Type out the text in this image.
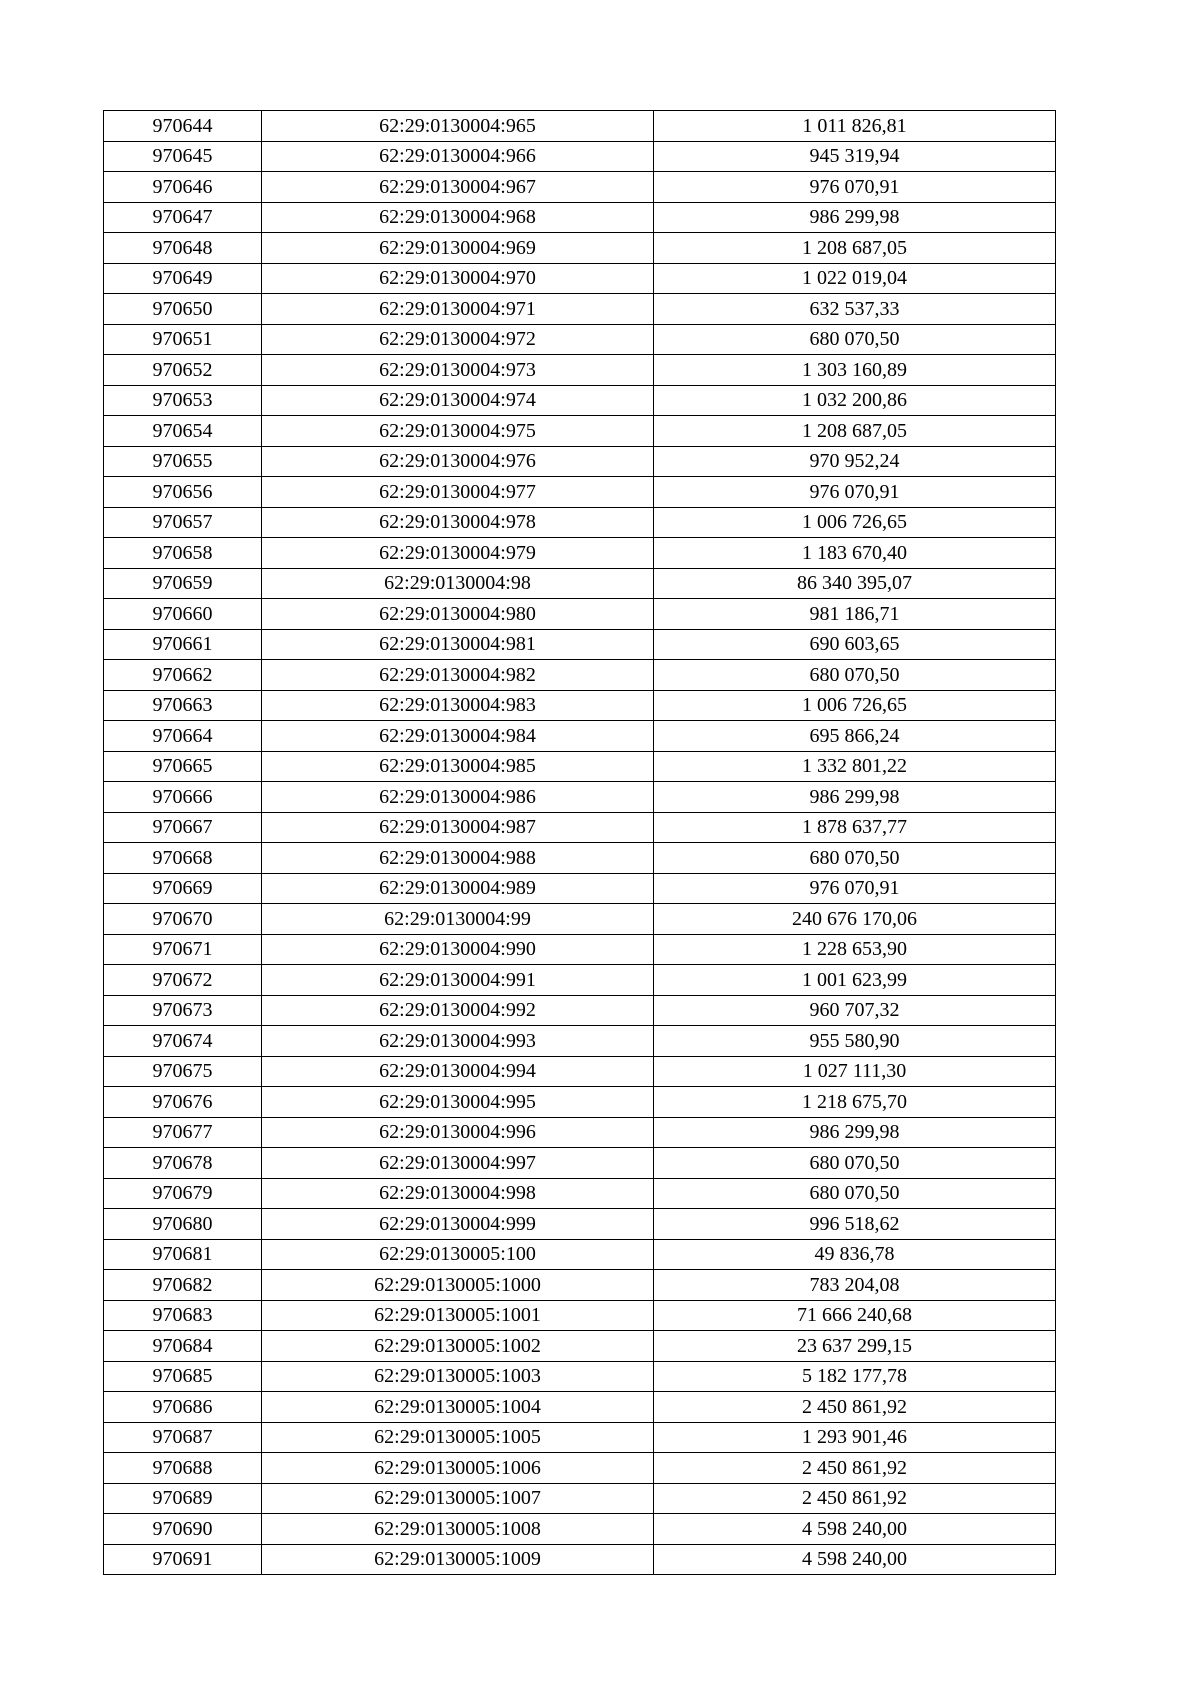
970644	62:29:0130004:965	1 011 826,81
970645	62:29:0130004:966	945 319,94
970646	62:29:0130004:967	976 070,91
970647	62:29:0130004:968	986 299,98
970648	62:29:0130004:969	1 208 687,05
970649	62:29:0130004:970	1 022 019,04
970650	62:29:0130004:971	632 537,33
970651	62:29:0130004:972	680 070,50
970652	62:29:0130004:973	1 303 160,89
970653	62:29:0130004:974	1 032 200,86
970654	62:29:0130004:975	1 208 687,05
970655	62:29:0130004:976	970 952,24
970656	62:29:0130004:977	976 070,91
970657	62:29:0130004:978	1 006 726,65
970658	62:29:0130004:979	1 183 670,40
970659	62:29:0130004:98	86 340 395,07
970660	62:29:0130004:980	981 186,71
970661	62:29:0130004:981	690 603,65
970662	62:29:0130004:982	680 070,50
970663	62:29:0130004:983	1 006 726,65
970664	62:29:0130004:984	695 866,24
970665	62:29:0130004:985	1 332 801,22
970666	62:29:0130004:986	986 299,98
970667	62:29:0130004:987	1 878 637,77
970668	62:29:0130004:988	680 070,50
970669	62:29:0130004:989	976 070,91
970670	62:29:0130004:99	240 676 170,06
970671	62:29:0130004:990	1 228 653,90
970672	62:29:0130004:991	1 001 623,99
970673	62:29:0130004:992	960 707,32
970674	62:29:0130004:993	955 580,90
970675	62:29:0130004:994	1 027 111,30
970676	62:29:0130004:995	1 218 675,70
970677	62:29:0130004:996	986 299,98
970678	62:29:0130004:997	680 070,50
970679	62:29:0130004:998	680 070,50
970680	62:29:0130004:999	996 518,62
970681	62:29:0130005:100	49 836,78
970682	62:29:0130005:1000	783 204,08
970683	62:29:0130005:1001	71 666 240,68
970684	62:29:0130005:1002	23 637 299,15
970685	62:29:0130005:1003	5 182 177,78
970686	62:29:0130005:1004	2 450 861,92
970687	62:29:0130005:1005	1 293 901,46
970688	62:29:0130005:1006	2 450 861,92
970689	62:29:0130005:1007	2 450 861,92
970690	62:29:0130005:1008	4 598 240,00
970691	62:29:0130005:1009	4 598 240,00
